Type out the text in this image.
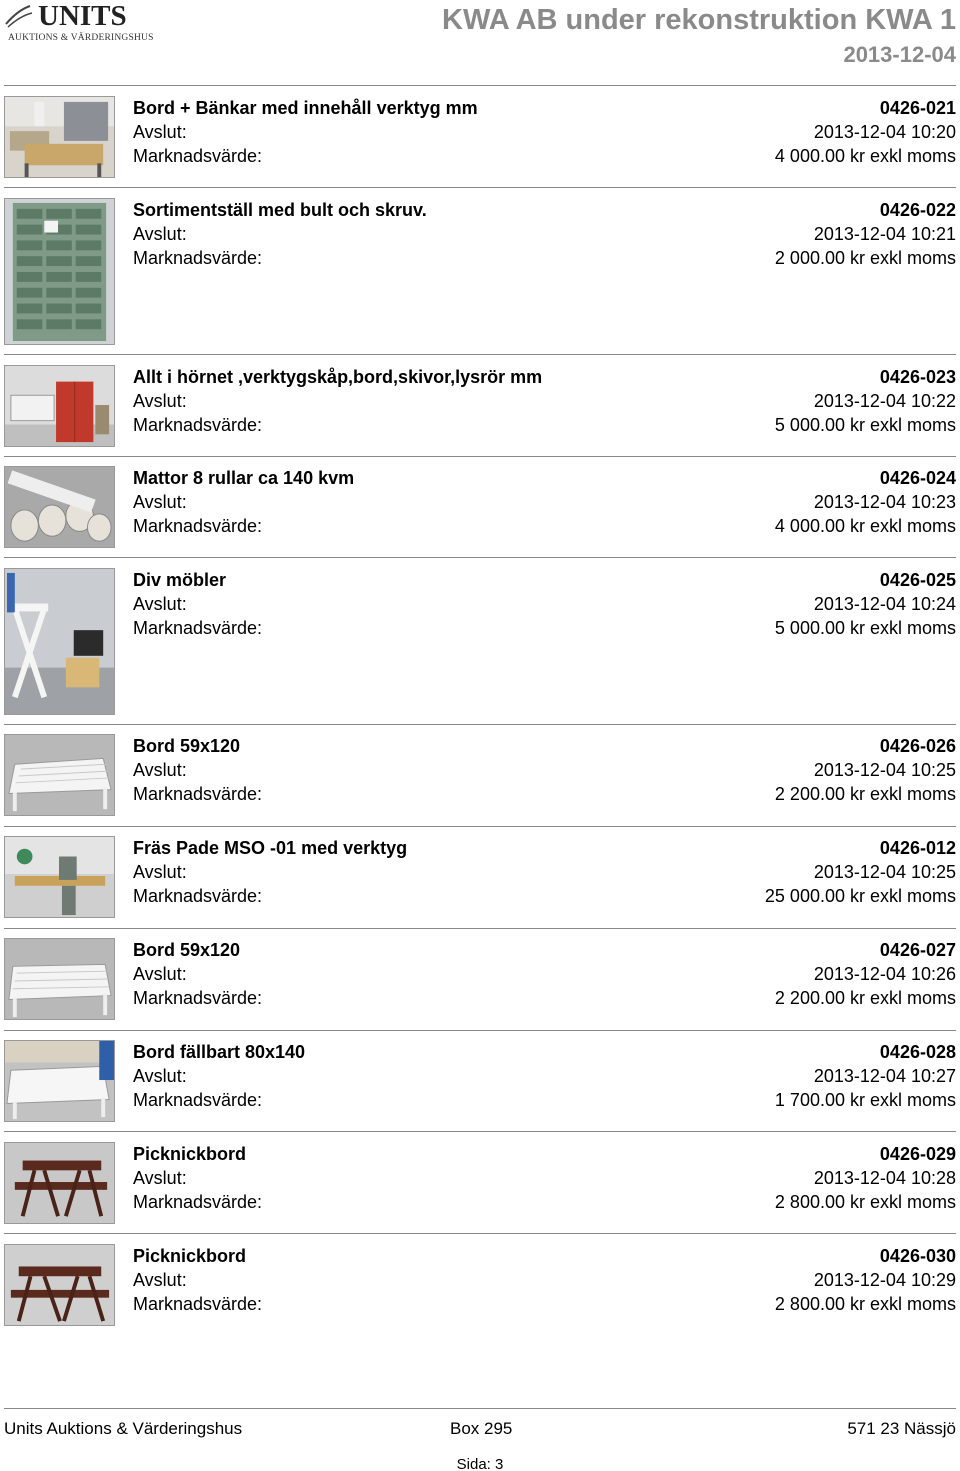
UNITS
AUKTIONS & VÄRDERINGSHUS
KWA AB under rekonstruktion KWA 1
2013-12-04
Bord + Bänkar med innehåll verktyg mm
Avslut:
Marknadsvärde:
0426-021
2013-12-04 10:20
4 000.00 kr exkl moms
Sortimentställ med bult och skruv.
Avslut:
Marknadsvärde:
0426-022
2013-12-04 10:21
2 000.00 kr exkl moms
Allt i hörnet ,verktygskåp,bord,skivor,lysrör mm
Avslut:
Marknadsvärde:
0426-023
2013-12-04 10:22
5 000.00 kr exkl moms
Mattor 8 rullar ca 140 kvm
Avslut:
Marknadsvärde:
0426-024
2013-12-04 10:23
4 000.00 kr exkl moms
Div möbler
Avslut:
Marknadsvärde:
0426-025
2013-12-04 10:24
5 000.00 kr exkl moms
Bord 59x120
Avslut:
Marknadsvärde:
0426-026
2013-12-04 10:25
2 200.00 kr exkl moms
Fräs Pade MSO -01 med verktyg
Avslut:
Marknadsvärde:
0426-012
2013-12-04 10:25
25 000.00 kr exkl moms
Bord 59x120
Avslut:
Marknadsvärde:
0426-027
2013-12-04 10:26
2 200.00 kr exkl moms
Bord fällbart 80x140
Avslut:
Marknadsvärde:
0426-028
2013-12-04 10:27
1 700.00 kr exkl moms
Picknickbord
Avslut:
Marknadsvärde:
0426-029
2013-12-04 10:28
2 800.00 kr exkl moms
Picknickbord
Avslut:
Marknadsvärde:
0426-030
2013-12-04 10:29
2 800.00 kr exkl moms
Units Auktions & Värderingshus	Box 295	571 23 Nässjö
Sida: 3
